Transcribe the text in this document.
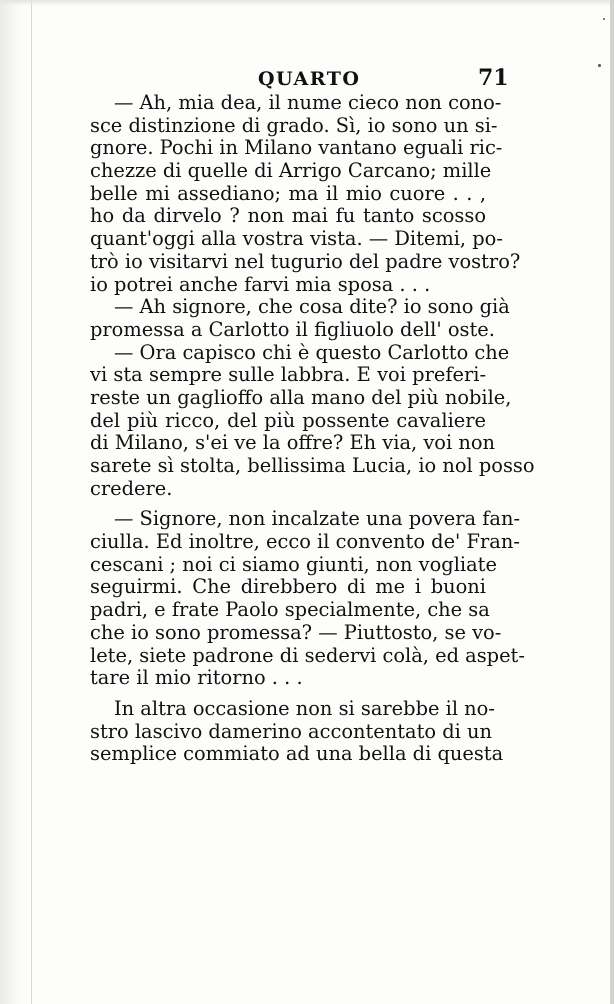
QUARTO	71
— Ah, mia dea, il nume cieco non cono-
sce distinzione di grado. Sì, io sono un si-
gnore. Pochi in Milano vantano eguali ric-
chezze di quelle di Arrigo Carcano; mille
belle mi assediano; ma il mio cuore . . ,
ho da dirvelo ? non mai fu tanto scosso
quant'oggi alla vostra vista. — Ditemi, po-
trò io visitarvi nel tugurio del padre vostro?
io potrei anche farvi mia sposa . . .
— Ah signore, che cosa dite? io sono già
promessa a Carlotto il figliuolo dell' oste.
— Ora capisco chi è questo Carlotto che
vi sta sempre sulle labbra. E voi preferi-
reste un gaglioffo alla mano del più nobile,
del più ricco, del più possente cavaliere
di Milano, s'ei ve la offre? Eh via, voi non
sarete sì stolta, bellissima Lucia, io nol posso
credere.
— Signore, non incalzate una povera fan-
ciulla. Ed inoltre, ecco il convento de' Fran-
cescani ; noi ci siamo giunti, non vogliate
seguirmi. Che direbbero di me i buoni
padri, e frate Paolo specialmente, che sa
che io sono promessa? — Piuttosto, se vo-
lete, siete padrone di sedervi colà, ed aspet-
tare il mio ritorno . . .
In altra occasione non si sarebbe il no-
stro lascivo damerino accontentato di un
semplice commiato ad una bella di questa
